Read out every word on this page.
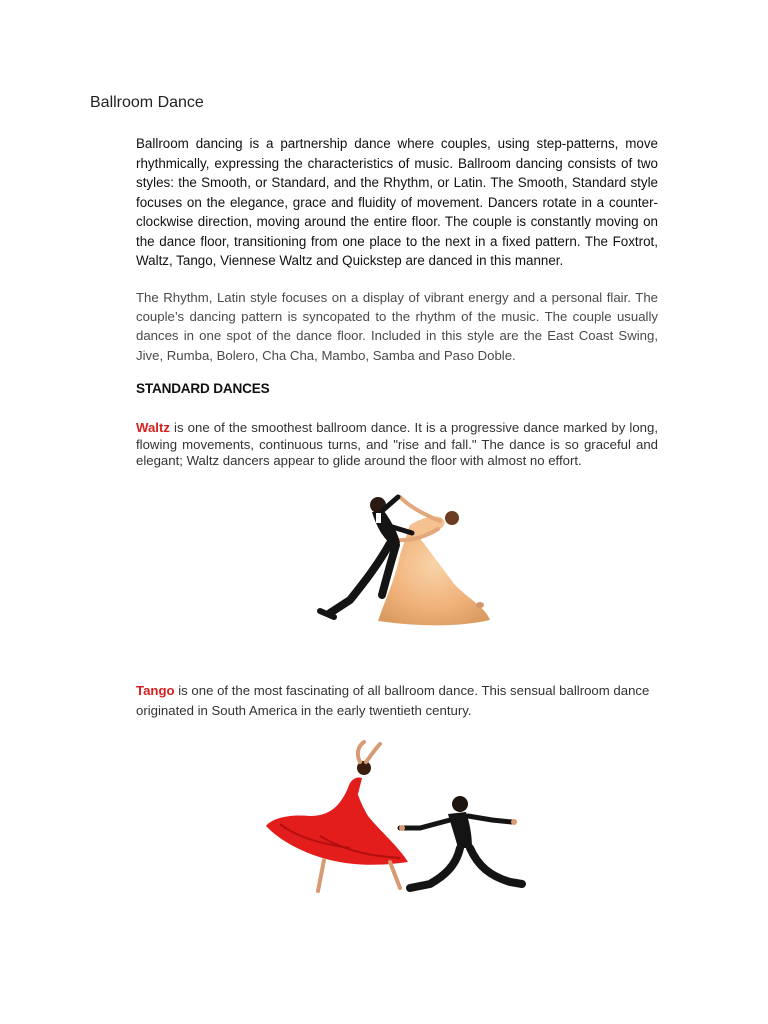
Ballroom Dance

Ballroom dancing is a partnership dance where couples, using step-patterns, move rhythmically, expressing the characteristics of music. Ballroom dancing consists of two styles: the Smooth, or Standard, and the Rhythm, or Latin. The Smooth, Standard style focuses on the elegance, grace and fluidity of movement. Dancers rotate in a counter-clockwise direction, moving around the entire floor. The couple is constantly moving on the dance floor, transitioning from one place to the next in a fixed pattern. The Foxtrot, Waltz, Tango, Viennese Waltz and Quickstep are danced in this manner.

The Rhythm, Latin style focuses on a display of vibrant energy and a personal flair. The couple’s dancing pattern is syncopated to the rhythm of the music. The couple usually dances in one spot of the dance floor. Included in this style are the East Coast Swing, Jive, Rumba, Bolero, Cha Cha, Mambo, Samba and Paso Doble.

STANDARD DANCES

Waltz is one of the smoothest ballroom dance. It is a progressive dance marked by long, flowing movements, continuous turns, and "rise and fall." The dance is so graceful and elegant; Waltz dancers appear to glide around the floor with almost no effort.

Tango is one of the most fascinating of all ballroom dance. This sensual ballroom dance originated in South America in the early twentieth century.
